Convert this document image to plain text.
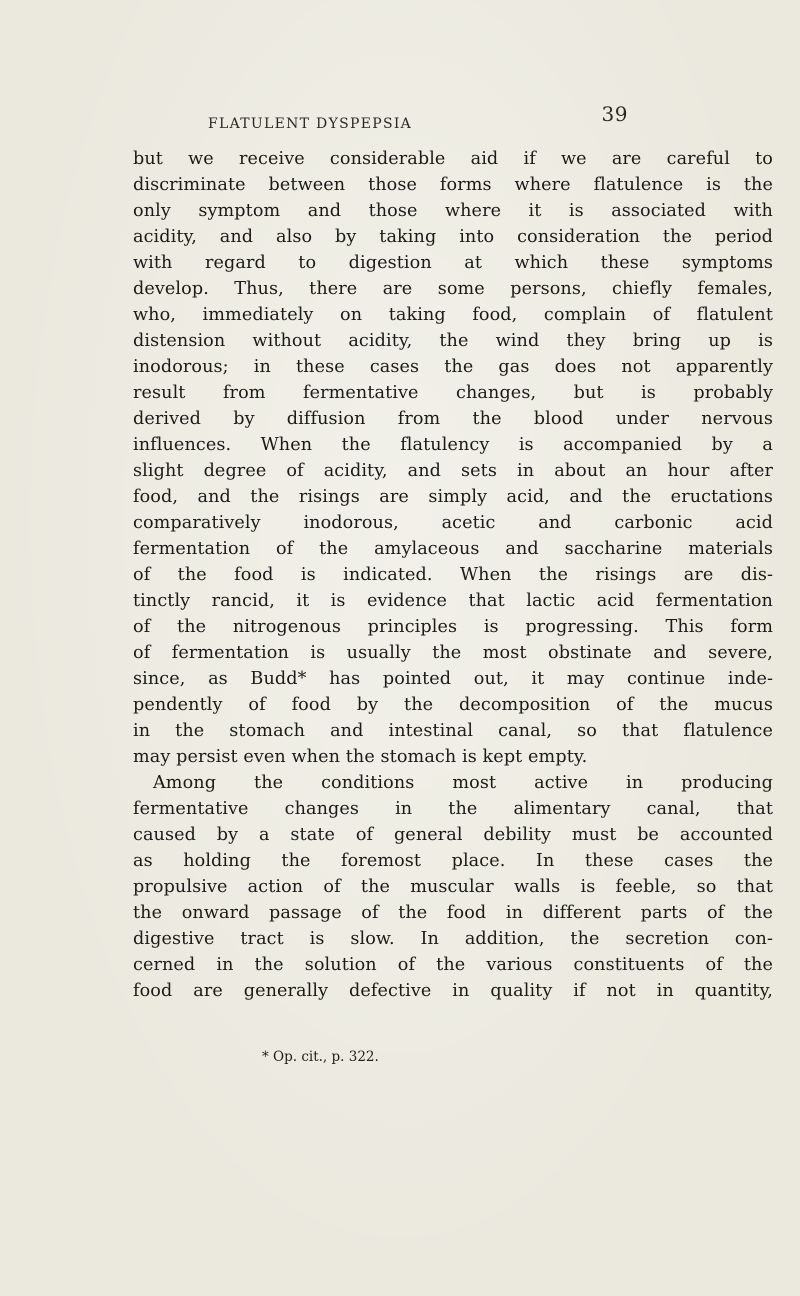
FLATULENT DYSPEPSIA	39
but we receive considerable aid if we are careful to
discriminate between those forms where flatulence is the
only symptom and those where it is associated with
acidity, and also by taking into consideration the period
with regard to digestion at which these symptoms
develop. Thus, there are some persons, chiefly females,
who, immediately on taking food, complain of flatulent
distension without acidity, the wind they bring up is
inodorous; in these cases the gas does not apparently
result from fermentative changes, but is probably
derived by diffusion from the blood under nervous
influences. When the flatulency is accompanied by a
slight degree of acidity, and sets in about an hour after
food, and the risings are simply acid, and the eructations
comparatively inodorous, acetic and carbonic acid
fermentation of the amylaceous and saccharine materials
of the food is indicated. When the risings are dis-
tinctly rancid, it is evidence that lactic acid fermentation
of the nitrogenous principles is progressing. This form
of fermentation is usually the most obstinate and severe,
since, as Budd* has pointed out, it may continue inde-
pendently of food by the decomposition of the mucus
in the stomach and intestinal canal, so that flatulence
may persist even when the stomach is kept empty.
Among the conditions most active in producing
fermentative changes in the alimentary canal, that
caused by a state of general debility must be accounted
as holding the foremost place. In these cases the
propulsive action of the muscular walls is feeble, so that
the onward passage of the food in different parts of the
digestive tract is slow. In addition, the secretion con-
cerned in the solution of the various constituents of the
food are generally defective in quality if not in quantity,
* Op. cit., p. 322.
